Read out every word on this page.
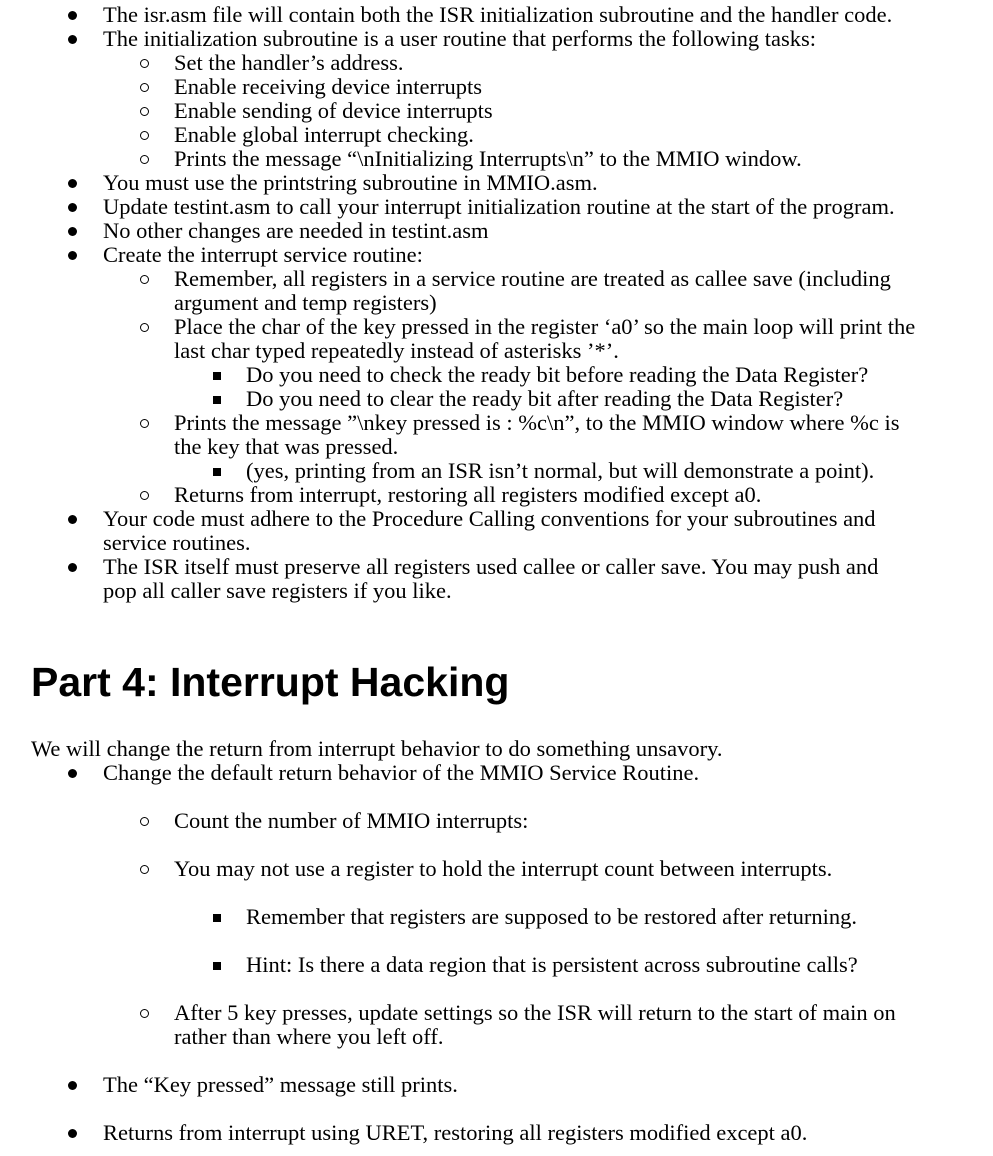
The isr.asm file will contain both the ISR initialization subroutine and the handler code.
The initialization subroutine is a user routine that performs the following tasks:
Set the handler’s address.
Enable receiving device interrupts
Enable sending of device interrupts
Enable global interrupt checking.
Prints the message “\nInitializing Interrupts\n” to the MMIO window.
You must use the printstring subroutine in MMIO.asm.
Update testint.asm to call your interrupt initialization routine at the start of the program.
No other changes are needed in testint.asm
Create the interrupt service routine:
Remember, all registers in a service routine are treated as callee save (including
argument and temp registers)
Place the char of the key pressed in the register ‘a0’ so the main loop will print the
last char typed repeatedly instead of asterisks ’*’.
Do you need to check the ready bit before reading the Data Register?
Do you need to clear the ready bit after reading the Data Register?
Prints the message ”\nkey pressed is : %c\n”, to the MMIO window where %c is
the key that was pressed.
(yes, printing from an ISR isn’t normal, but will demonstrate a point).
Returns from interrupt, restoring all registers modified except a0.
Your code must adhere to the Procedure Calling conventions for your subroutines and
service routines.
The ISR itself must preserve all registers used callee or caller save. You may push and
pop all caller save registers if you like.
Part 4: Interrupt Hacking
We will change the return from interrupt behavior to do something unsavory.
Change the default return behavior of the MMIO Service Routine.
Count the number of MMIO interrupts:
You may not use a register to hold the interrupt count between interrupts.
Remember that registers are supposed to be restored after returning.
Hint: Is there a data region that is persistent across subroutine calls?
After 5 key presses, update settings so the ISR will return to the start of main on
rather than where you left off.
The “Key pressed” message still prints.
Returns from interrupt using URET, restoring all registers modified except a0.
